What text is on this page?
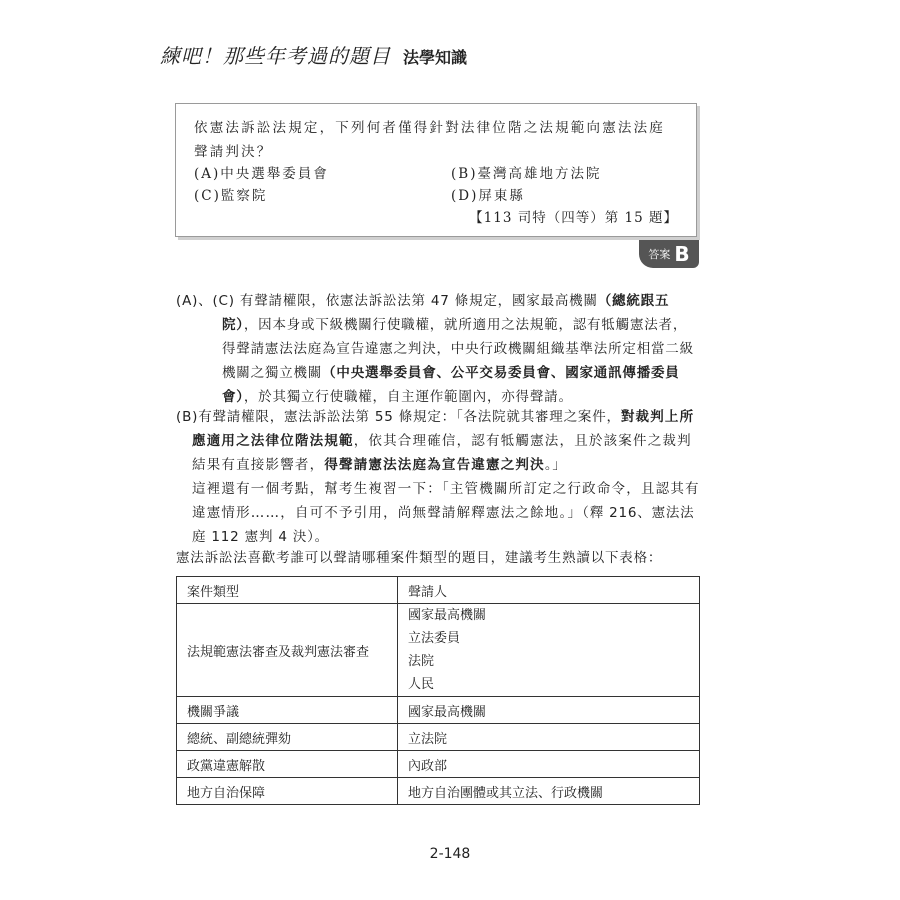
練吧！那些年考過的題目 法學知識

依憲法訴訟法規定，下列何者僅得針對法律位階之法規範向憲法法庭聲請判決？

(A)中央選舉委員會	(B)臺灣高雄地方法院
(C)監察院	(D)屏東縣
【113 司特（四等）第 15 題】
答案 B

(A)、(C) 有聲請權限，依憲法訴訟法第 47 條規定，國家最高機關（總統跟五院），因本身或下級機關行使職權，就所適用之法規範，認有牴觸憲法者，得聲請憲法法庭為宣告違憲之判決，中央行政機關組織基準法所定相當二級機關之獨立機關（中央選舉委員會、公平交易委員會、國家通訊傳播委員會），於其獨立行使職權，自主運作範圍內，亦得聲請。

(B)有聲請權限，憲法訴訟法第 55 條規定：「各法院就其審理之案件，對裁判上所應適用之法律位階法規範，依其合理確信，認有牴觸憲法，且於該案件之裁判結果有直接影響者，得聲請憲法法庭為宣告違憲之判決。」

這裡還有一個考點，幫考生複習一下：「主管機關所訂定之行政命令，且認其有違憲情形……，自可不予引用，尚無聲請解釋憲法之餘地。」（釋 216、憲法法庭 112 憲判 4 決）。

憲法訴訟法喜歡考誰可以聲請哪種案件類型的題目，建議考生熟讀以下表格：

案件類型	聲請人
法規範憲法審查及裁判憲法審查	國家最高機關
立法委員
法院
人民

機關爭議	國家最高機關
總統、副總統彈劾	立法院
政黨違憲解散	內政部
地方自治保障	地方自治團體或其立法、行政機關
2-148
